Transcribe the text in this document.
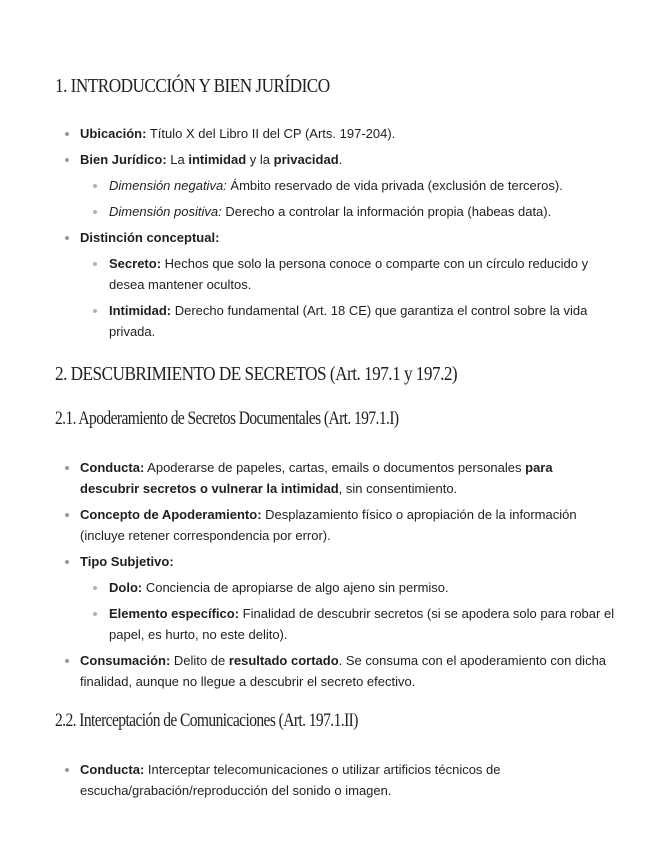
1. INTRODUCCIÓN Y BIEN JURÍDICO
Ubicación: Título X del Libro II del CP (Arts. 197-204).
Bien Jurídico: La intimidad y la privacidad.
Dimensión negativa: Ámbito reservado de vida privada (exclusión de terceros).
Dimensión positiva: Derecho a controlar la información propia (habeas data).
Distinción conceptual:
Secreto: Hechos que solo la persona conoce o comparte con un círculo reducido y desea mantener ocultos.
Intimidad: Derecho fundamental (Art. 18 CE) que garantiza el control sobre la vida privada.
2. DESCUBRIMIENTO DE SECRETOS (Art. 197.1 y 197.2)
2.1. Apoderamiento de Secretos Documentales (Art. 197.1.I)
Conducta: Apoderarse de papeles, cartas, emails o documentos personales para descubrir secretos o vulnerar la intimidad, sin consentimiento.
Concepto de Apoderamiento: Desplazamiento físico o apropiación de la información (incluye retener correspondencia por error).
Tipo Subjetivo:
Dolo: Conciencia de apropiarse de algo ajeno sin permiso.
Elemento específico: Finalidad de descubrir secretos (si se apodera solo para robar el papel, es hurto, no este delito).
Consumación: Delito de resultado cortado. Se consuma con el apoderamiento con dicha finalidad, aunque no llegue a descubrir el secreto efectivo.
2.2. Interceptación de Comunicaciones (Art. 197.1.II)
Conducta: Interceptar telecomunicaciones o utilizar artificios técnicos de escucha/grabación/reproducción del sonido o imagen.
